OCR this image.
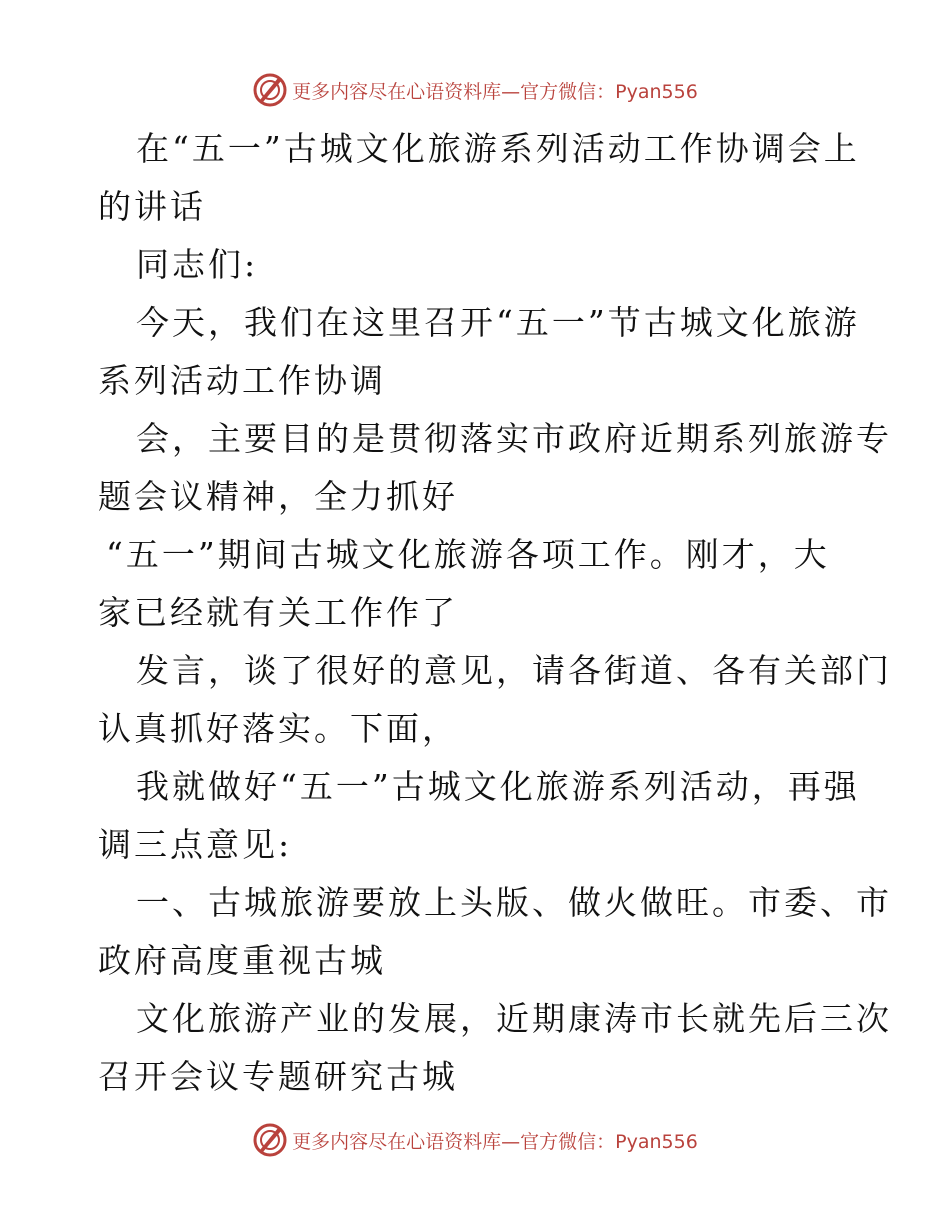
更多内容尽在心语资料库—官方微信：Pyan556
在“五一”古城文化旅游系列活动工作协调会上
的讲话
同志们:
今天，我们在这里召开“五一”节古城文化旅游
系列活动工作协调
会，主要目的是贯彻落实市政府近期系列旅游专
题会议精神，全力抓好
“五一”期间古城文化旅游各项工作。刚才，大
家已经就有关工作作了
发言，谈了很好的意见，请各街道、各有关部门
认真抓好落实。下面，
我就做好“五一”古城文化旅游系列活动，再强
调三点意见:
一、古城旅游要放上头版、做火做旺。市委、市
政府高度重视古城
文化旅游产业的发展，近期康涛市长就先后三次
召开会议专题研究古城
更多内容尽在心语资料库—官方微信：Pyan556
